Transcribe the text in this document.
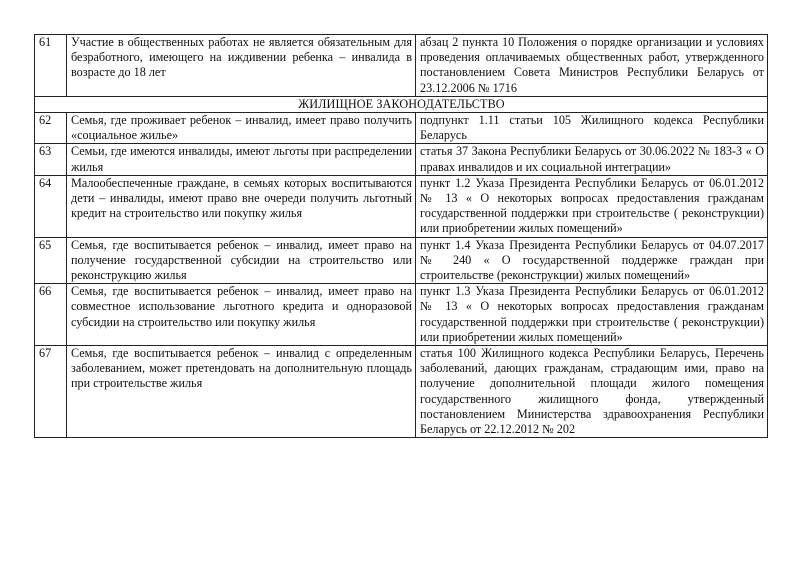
61	Участие в общественных работах не является обязательным для безработного, имеющего на иждивении ребенка – инвалида в возрасте до 18 лет	абзац 2 пункта 10 Положения о порядке организации и условиях проведения оплачиваемых общественных работ, утвержденного постановлением Совета Министров Республики Беларусь от 23.12.2006 № 1716
ЖИЛИЩНОЕ ЗАКОНОДАТЕЛЬСТВО		
62	Семья, где проживает ребенок – инвалид, имеет право получить «социальное жилье»	подпункт 1.11 статьи 105 Жилищного кодекса Республики Беларусь
63	Семьи, где имеются инвалиды, имеют льготы при распределении жилья	статья 37 Закона Республики Беларусь от 30.06.2022 № 183-З « О правах инвалидов и их социальной интеграции»
64	Малообеспеченные граждане, в семьях которых воспитываются дети – инвалиды, имеют право вне очереди получить льготный кредит на строительство или покупку жилья	пункт 1.2 Указа Президента Республики Беларусь от 06.01.2012 № 13 « О некоторых вопросах предоставления гражданам государственной поддержки при строительстве ( реконструкции) или приобретении жилых помещений»
65	Семья, где воспитывается ребенок – инвалид, имеет право на получение государственной субсидии на строительство или реконструкцию жилья	пункт 1.4 Указа Президента Республики Беларусь от 04.07.2017 № 240 « О государственной поддержке граждан при строительстве (реконструкции) жилых помещений»
66	Семья, где воспитывается ребенок – инвалид, имеет право на совместное использование льготного кредита и одноразовой субсидии на строительство или покупку жилья	пункт 1.3 Указа Президента Республики Беларусь от 06.01.2012 № 13 « О некоторых вопросах предоставления гражданам государственной поддержки при строительстве ( реконструкции) или приобретении жилых помещений»
67	Семья, где воспитывается ребенок – инвалид с определенным заболеванием, может претендовать на дополнительную площадь при строительстве жилья	статья 100 Жилищного кодекса Республики Беларусь, Перечень заболеваний, дающих гражданам, страдающим ими, право на получение дополнительной площади жилого помещения государственного жилищного фонда, утвержденный постановлением Министерства здравоохранения Республики Беларусь от 22.12.2012 № 202
